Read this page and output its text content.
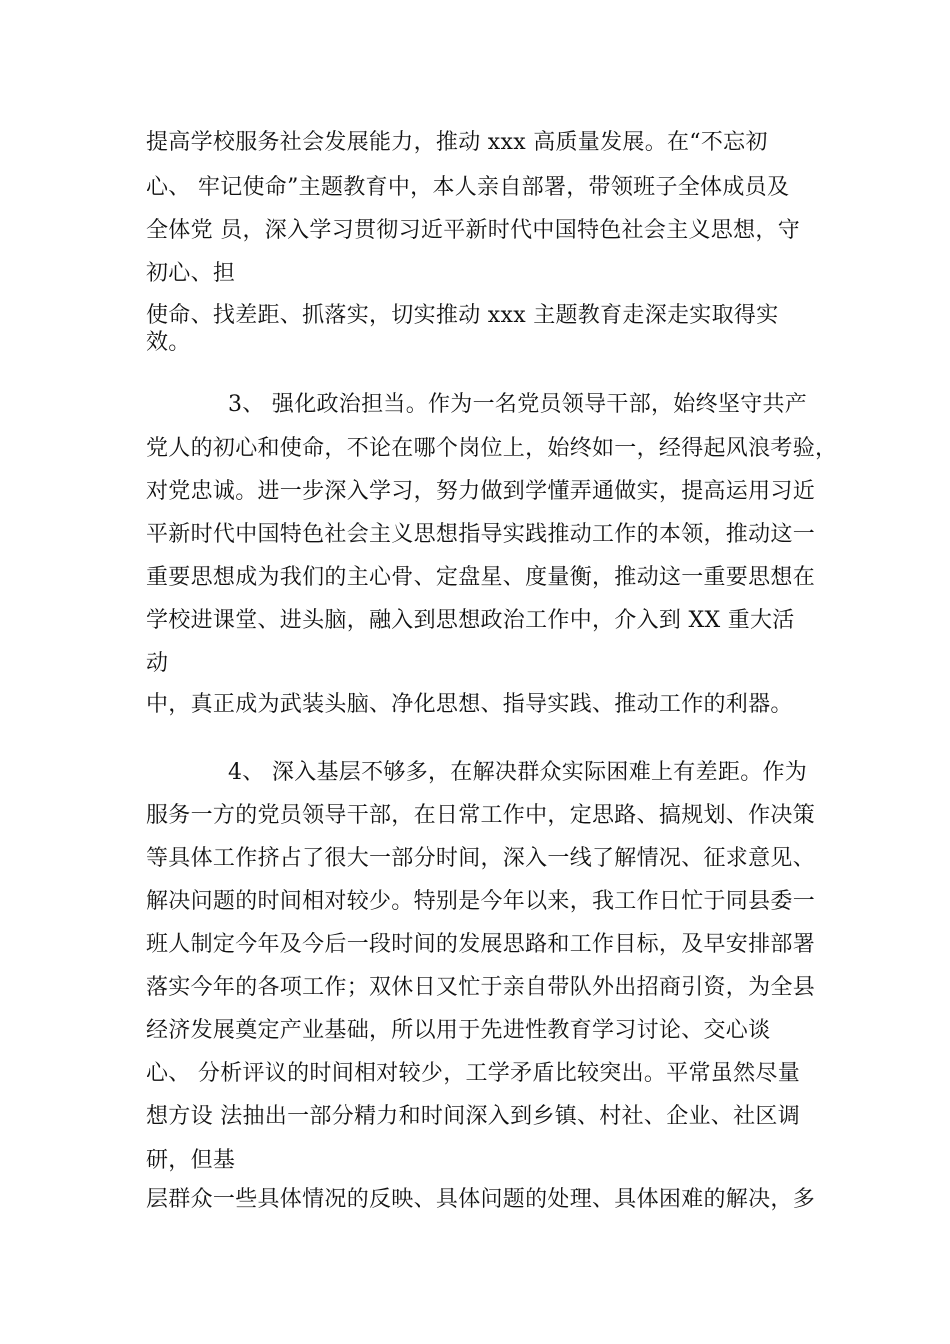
提高学校服务社会发展能力，推动 xxx 高质量发展。在“不忘初
心、 牢记使命”主题教育中，本人亲自部署，带领班子全体成员及
全体党 员，深入学习贯彻习近平新时代中国特色社会主义思想，守
初心、担
使命、找差距、抓落实，切实推动 xxx 主题教育走深走实取得实
效。
3、 强化政治担当。作为一名党员领导干部，始终坚守共产
党人的初心和使命，不论在哪个岗位上，始终如一，经得起风浪考验，
对党忠诚。进一步深入学习，努力做到学懂弄通做实，提高运用习近
平新时代中国特色社会主义思想指导实践推动工作的本领，推动这一
重要思想成为我们的主心骨、定盘星、度量衡，推动这一重要思想在
学校进课堂、进头脑，融入到思想政治工作中，介入到 XX 重大活
动
中，真正成为武装头脑、净化思想、指导实践、推动工作的利器。
4、 深入基层不够多，在解决群众实际困难上有差距。作为
服务一方的党员领导干部，在日常工作中，定思路、搞规划、作决策
等具体工作挤占了很大一部分时间，深入一线了解情况、征求意见、
解决问题的时间相对较少。特别是今年以来，我工作日忙于同县委一
班人制定今年及今后一段时间的发展思路和工作目标，及早安排部署
落实今年的各项工作；双休日又忙于亲自带队外出招商引资，为全县
经济发展奠定产业基础，所以用于先进性教育学习讨论、交心谈
心、 分析评议的时间相对较少，工学矛盾比较突出。平常虽然尽量
想方设 法抽出一部分精力和时间深入到乡镇、村社、企业、社区调
研，但基
层群众一些具体情况的反映、具体问题的处理、具体困难的解决，多
